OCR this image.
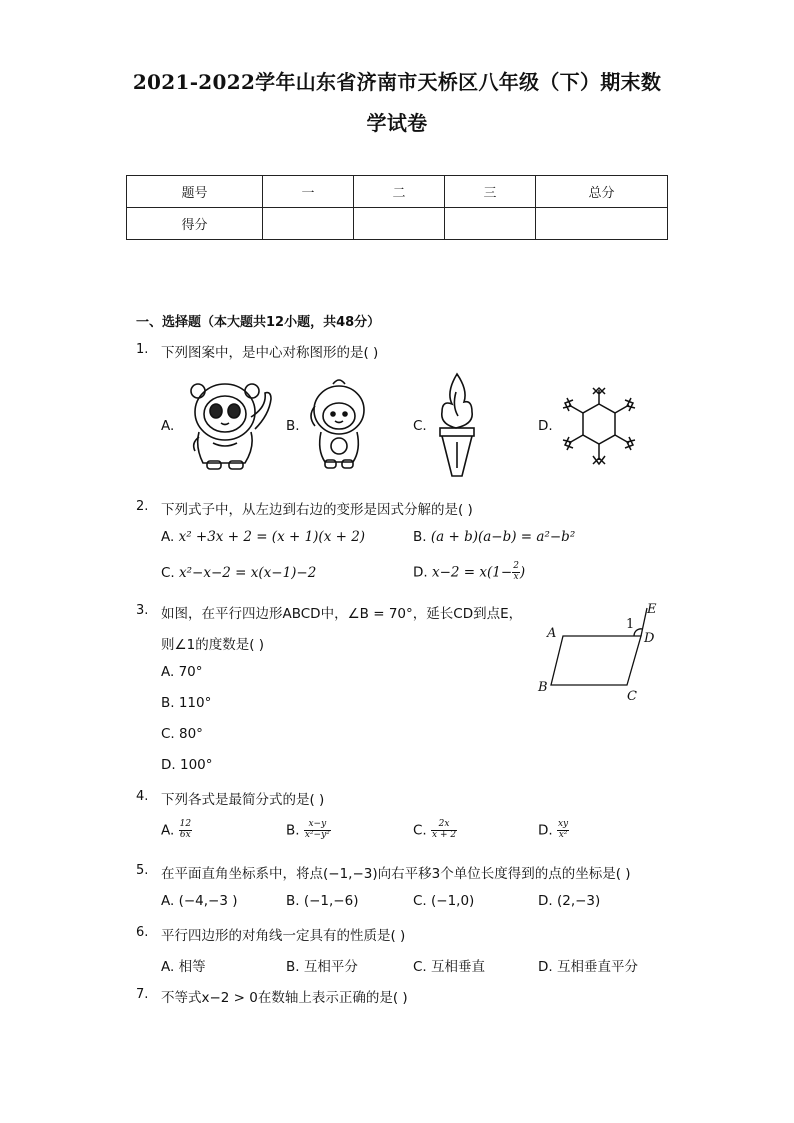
2021-2022学年山东省济南市天桥区八年级（下）期末数
学试卷
题号	一	二	三	总分
得分				
一、选择题（本大题共12小题，共48分）
1. 下列图案中，是中心对称图形的是( )
A.	B.	C.	D.
2. 下列式子中，从左边到右边的变形是因式分解的是( )
A. x² +3x + 2 = (x + 1)(x + 2)	B. (a + b)(a−b) = a²−b²
C. x²−x−2 = x(x−1)−2	D. $x-2 = x(1- \frac{2}{x}$ )
3. 如图，在平行四边形ABCD中，∠B = 70°，延长CD到点E，
则∠1的度数是( )
A. 70°
B. 110°
C. 80°
D. 100°
A
B
C
D
E
1
4. 下列各式是最简分式的是( )
A. $\frac{12}{6x}$	B. $\frac{x-y}{\text{x²−y²}}$	C. $\frac{2x}{x + 2}$	D. $\frac{xy}{\text{x²}}$
5. 在平面直角坐标系中，将点(−1,−3)向右平移3个单位长度得到的点的坐标是( )
A. (−4,−3 )	B. (−1,−6)	C. (−1,0)	D. (2,−3)
6. 平行四边形的对角线一定具有的性质是( )
A. 相等	B. 互相平分	C. 互相垂直	D. 互相垂直平分
7. 不等式x−2 > 0在数轴上表示正确的是( )
